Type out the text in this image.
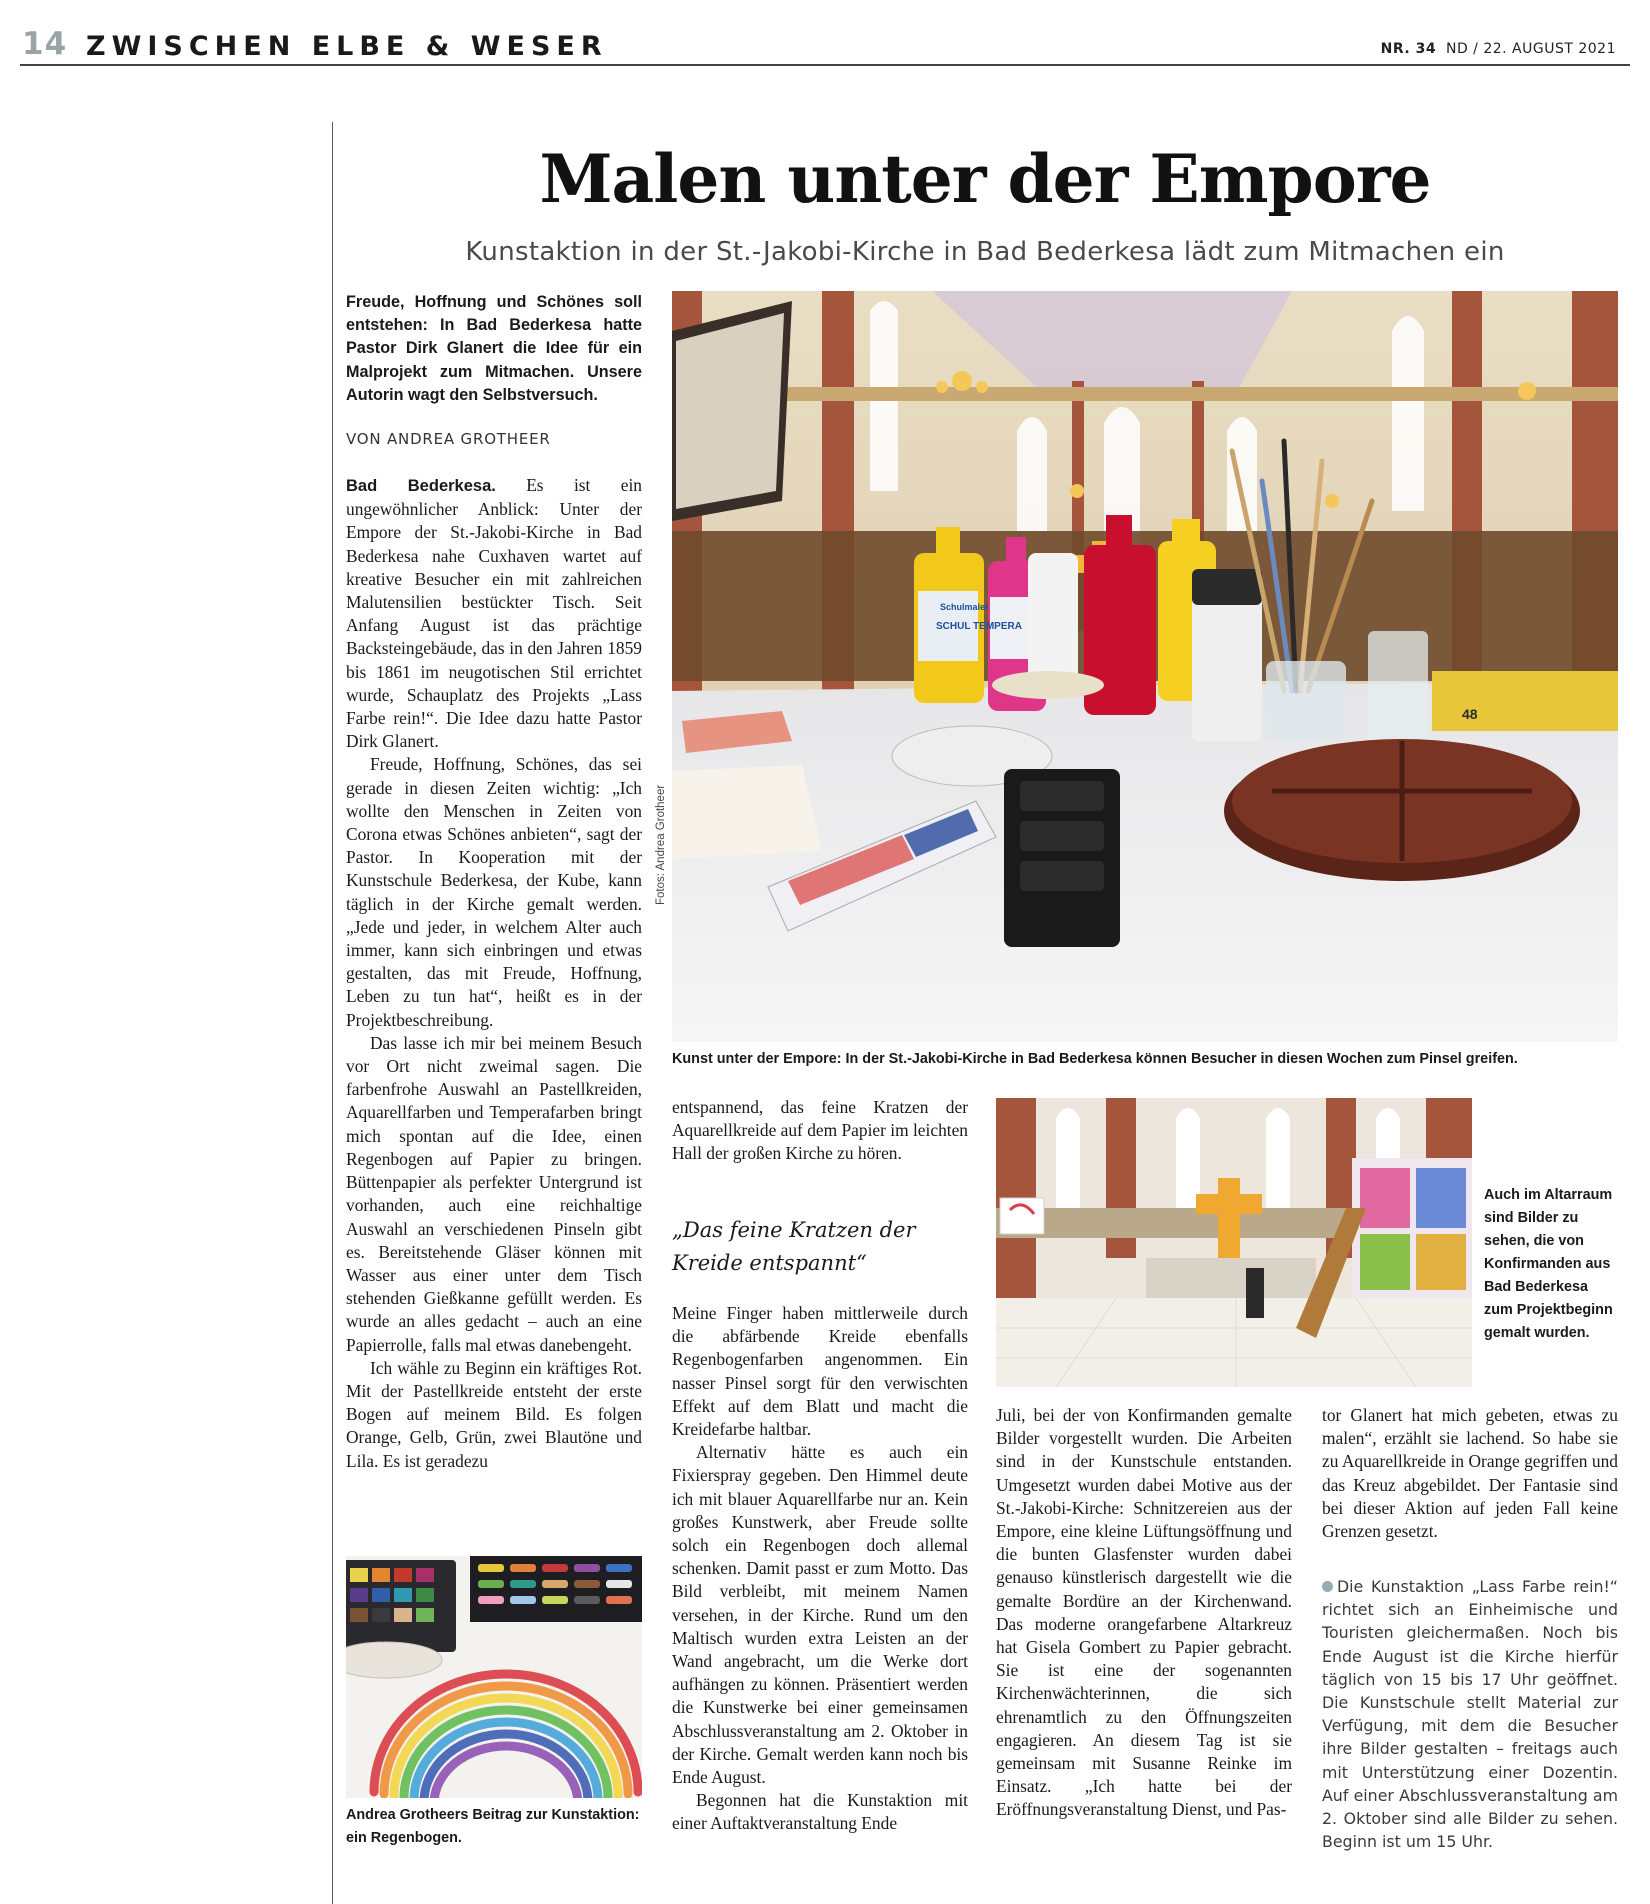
14 ZWISCHEN ELBE & WESER	NR. 34 ND / 22. AUGUST 2021
Malen unter der Empore
Kunstaktion in der St.-Jakobi-Kirche in Bad Bederkesa lädt zum Mitmachen ein
Freude, Hoffnung und Schönes soll entstehen: In Bad Bederkesa hatte Pastor Dirk Glanert die Idee für ein Malprojekt zum Mitmachen. Unsere Autorin wagt den Selbstversuch.
VON ANDREA GROTHEER

Bad Bederkesa. Es ist ein ungewöhnlicher Anblick: Unter der Empore der St.-Jakobi-Kirche in Bad Bederkesa nahe Cuxhaven wartet auf kreative Besucher ein mit zahlreichen Malutensilien bestückter Tisch. Seit Anfang August ist das prächtige Backsteingebäude, das in den Jahren 1859 bis 1861 im neugotischen Stil errichtet wurde, Schauplatz des Projekts „Lass Farbe rein!“. Die Idee dazu hatte Pastor Dirk Glanert.

Freude, Hoffnung, Schönes, das sei gerade in diesen Zeiten wichtig: „Ich wollte den Menschen in Zeiten von Corona etwas Schönes anbieten“, sagt der Pastor. In Kooperation mit der Kunstschule Bederkesa, der Kube, kann täglich in der Kirche gemalt werden. „Jede und jeder, in welchem Alter auch immer, kann sich einbringen und etwas gestalten, das mit Freude, Hoffnung, Leben zu tun hat“, heißt es in der Projektbeschreibung.

Das lasse ich mir bei meinem Besuch vor Ort nicht zweimal sagen. Die farbenfrohe Auswahl an Pastellkreiden, Aquarellfarben und Temperafarben bringt mich spontan auf die Idee, einen Regenbogen auf Papier zu bringen. Büttenpapier als perfekter Untergrund ist vorhanden, auch eine reichhaltige Auswahl an verschiedenen Pinseln gibt es. Bereitstehende Gläser können mit Wasser aus einer unter dem Tisch stehenden Gießkanne gefüllt werden. Es wurde an alles gedacht – auch an eine Papierrolle, falls mal etwas danebengeht.

Ich wähle zu Beginn ein kräftiges Rot. Mit der Pastellkreide entsteht der erste Bogen auf meinem Bild. Es folgen Orange, Gelb, Grün, zwei Blautöne und Lila. Es ist geradezu

Andrea Grotheers Beitrag zur Kunstaktion: ein Regenbogen.
Schulmaler
SCHUL TEMPERA
48
Fotos: Andrea Grotheer
Kunst unter der Empore: In der St.-Jakobi-Kirche in Bad Bederkesa können Besucher in diesen Wochen zum Pinsel greifen.

entspannend, das feine Kratzen der Aquarellkreide auf dem Papier im leichten Hall der großen Kirche zu hören.

„Das feine Kratzen der Kreide entspannt“

Meine Finger haben mittlerweile durch die abfärbende Kreide ebenfalls Regenbogenfarben angenommen. Ein nasser Pinsel sorgt für den verwischten Effekt auf dem Blatt und macht die Kreidefarbe haltbar.

Alternativ hätte es auch ein Fixierspray gegeben. Den Himmel deute ich mit blauer Aquarellfarbe nur an. Kein großes Kunstwerk, aber Freude sollte solch ein Regenbogen doch allemal schenken. Damit passt er zum Motto. Das Bild verbleibt, mit meinem Namen versehen, in der Kirche. Rund um den Maltisch wurden extra Leisten an der Wand angebracht, um die Werke dort aufhängen zu können. Präsentiert werden die Kunstwerke bei einer gemeinsamen Abschlussveranstaltung am 2. Oktober in der Kirche. Gemalt werden kann noch bis Ende August.

Begonnen hat die Kunstaktion mit einer Auftaktveranstaltung Ende

Auch im Altarraum sind Bilder zu sehen, die von Konfirmanden aus Bad Bederkesa zum Projektbeginn gemalt wurden.

Juli, bei der von Konfirmanden gemalte Bilder vorgestellt wurden. Die Arbeiten sind in der Kunstschule entstanden. Umgesetzt wurden dabei Motive aus der St.-Jakobi-Kirche: Schnitzereien aus der Empore, eine kleine Lüftungsöffnung und die bunten Glasfenster wurden dabei genauso künstlerisch dargestellt wie die gemalte Bordüre an der Kirchenwand. Das moderne orangefarbene Altarkreuz hat Gisela Gombert zu Papier gebracht. Sie ist eine der sogenannten Kirchenwächterinnen, die sich ehrenamtlich zu den Öffnungszeiten engagieren. An diesem Tag ist sie gemeinsam mit Susanne Reinke im Einsatz. „Ich hatte bei der Eröffnungsveranstaltung Dienst, und Pas-

tor Glanert hat mich gebeten, etwas zu malen“, erzählt sie lachend. So habe sie zu Aquarellkreide in Orange gegriffen und das Kreuz abgebildet. Der Fantasie sind bei dieser Aktion auf jeden Fall keine Grenzen gesetzt.

Die Kunstaktion „Lass Farbe rein!“ richtet sich an Einheimische und Touristen gleichermaßen. Noch bis Ende August ist die Kirche hierfür täglich von 15 bis 17 Uhr geöffnet. Die Kunstschule stellt Material zur Verfügung, mit dem die Besucher ihre Bilder gestalten – freitags auch mit Unterstützung einer Dozentin. Auf einer Abschlussveranstaltung am 2. Oktober sind alle Bilder zu sehen. Beginn ist um 15 Uhr.
